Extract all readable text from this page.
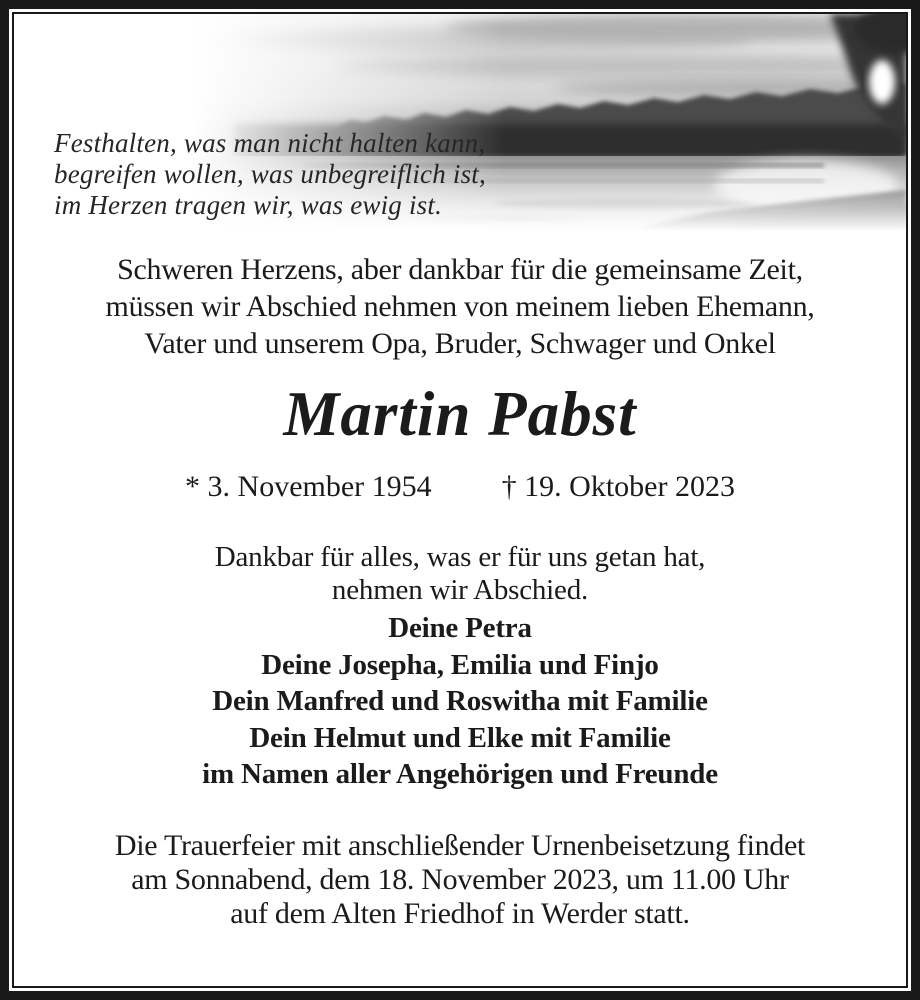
Festhalten, was man nicht halten kann,
begreifen wollen, was unbegreiflich ist,
im Herzen tragen wir, was ewig ist.
Schweren Herzens, aber dankbar für die gemeinsame Zeit,
müssen wir Abschied nehmen von meinem lieben Ehemann,
Vater und unserem Opa, Bruder, Schwager und Onkel
Martin Pabst
* 3. November 1954 † 19. Oktober 2023
Dankbar für alles, was er für uns getan hat,
nehmen wir Abschied.
Deine Petra
Deine Josepha, Emilia und Finjo
Dein Manfred und Roswitha mit Familie
Dein Helmut und Elke mit Familie
im Namen aller Angehörigen und Freunde
Die Trauerfeier mit anschließender Urnenbeisetzung findet
am Sonnabend, dem 18. November 2023, um 11.00 Uhr
auf dem Alten Friedhof in Werder statt.
